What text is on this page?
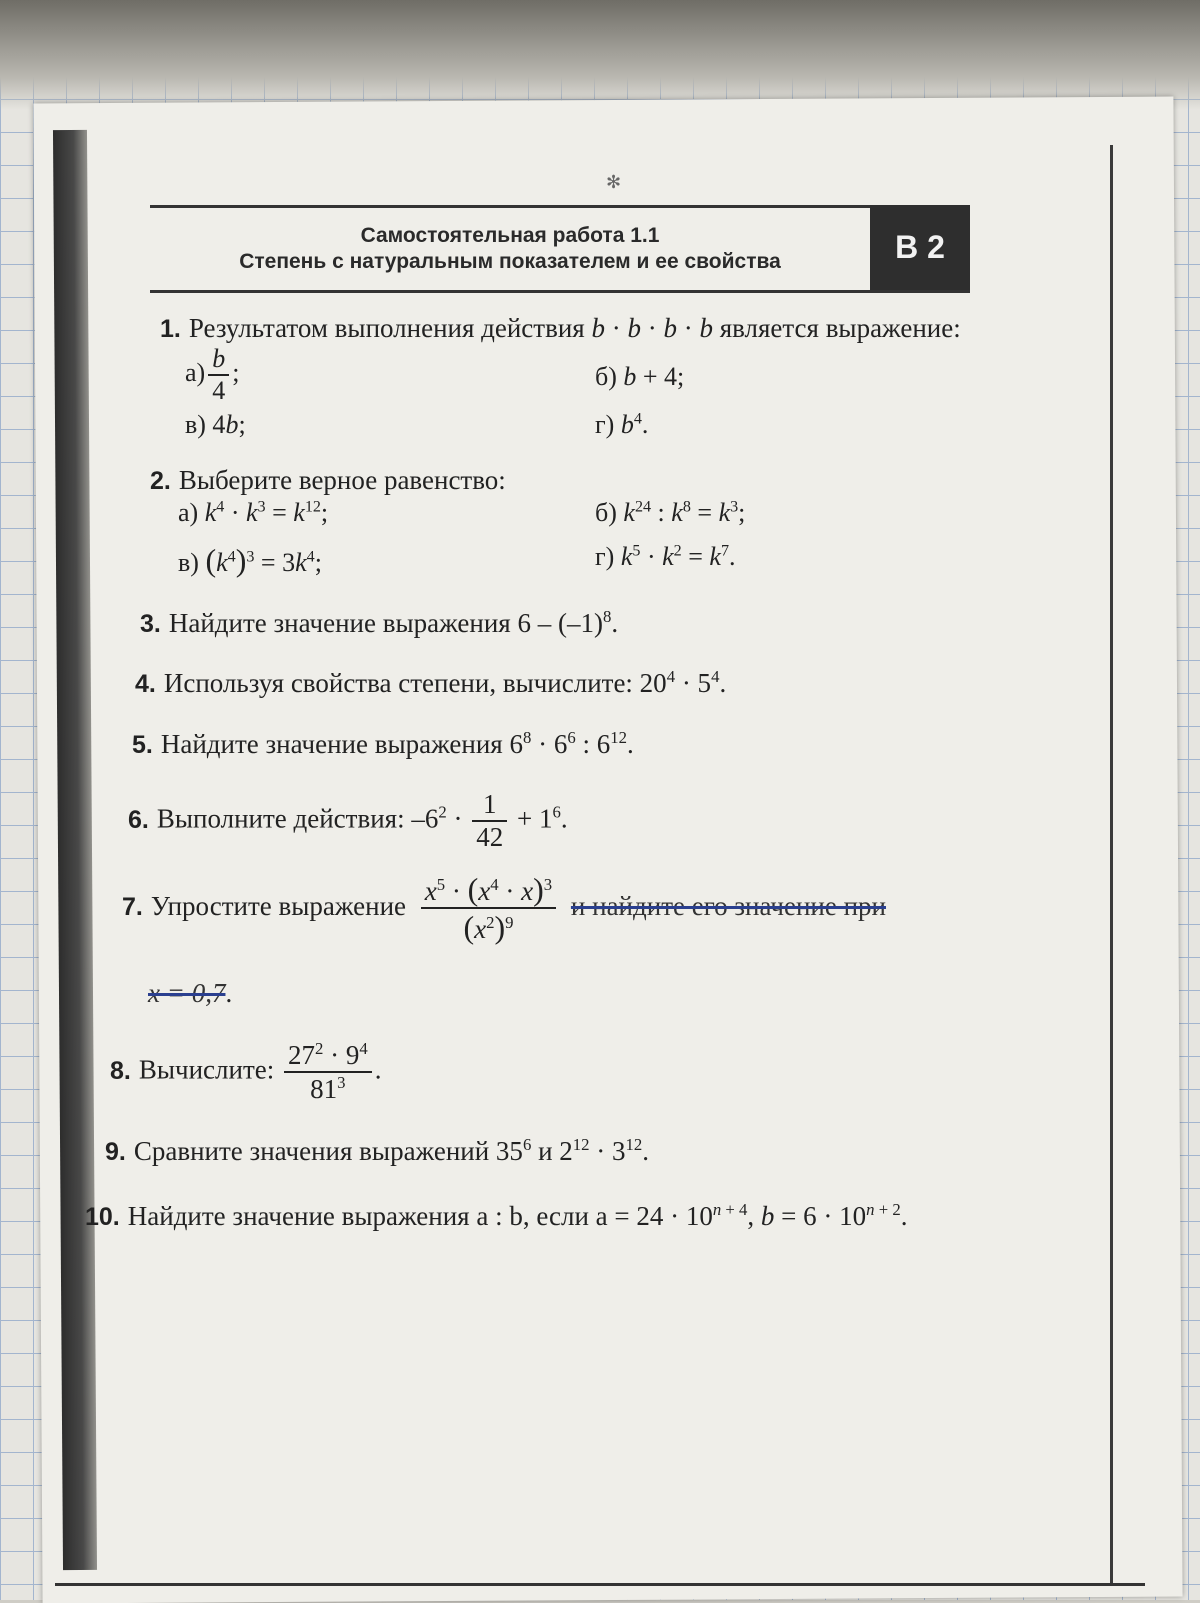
✻
Самостоятельная работа 1.1
Степень с натуральным показателем и ее свойства	В 2
1. Результатом выполнения действия b · b · b · b является выражение:
$а) \frac{b}{4}$ ;	б) b + 4;
в) 4b;	г) $b^4$.
2. Выберите верное равенство:
а) $k^4 \cdot k^3 = k^{12}$;	б) $k^{24}$ : $k^8 = k^3$;
в) $(k^4)^3 = 3k^4$;	г) $k^5 \cdot k^2 = k^7$.
3. Найдите значение выражения $6 - (-1)^8$.
4. Используя свойства степени, вычислите: $20^4 \cdot 5^4$.
5. Найдите значение выражения $6^8 \cdot 6^6$ : $6^{12}$.
6. Выполните действия: $-6^2 \cdot \frac{1}{42} + 1^6$.
7. Упростите выражение $\frac{x^5 \cdot (x^4 \cdot x)^3}{(x^2)^9}$ и найдите его значение при
x = 0,7.
8. Вычислите: $\frac{27^2 \cdot 9^4}{81^3}$ .
9. Сравните значения выражений $35^6$ и $2^{12} \cdot 3^{12}$.
10. Найдите значение выражения a : b, если $a = 24 \cdot 10^{n + 4}$, $b = 6 \cdot 10^{n + 2}$.
